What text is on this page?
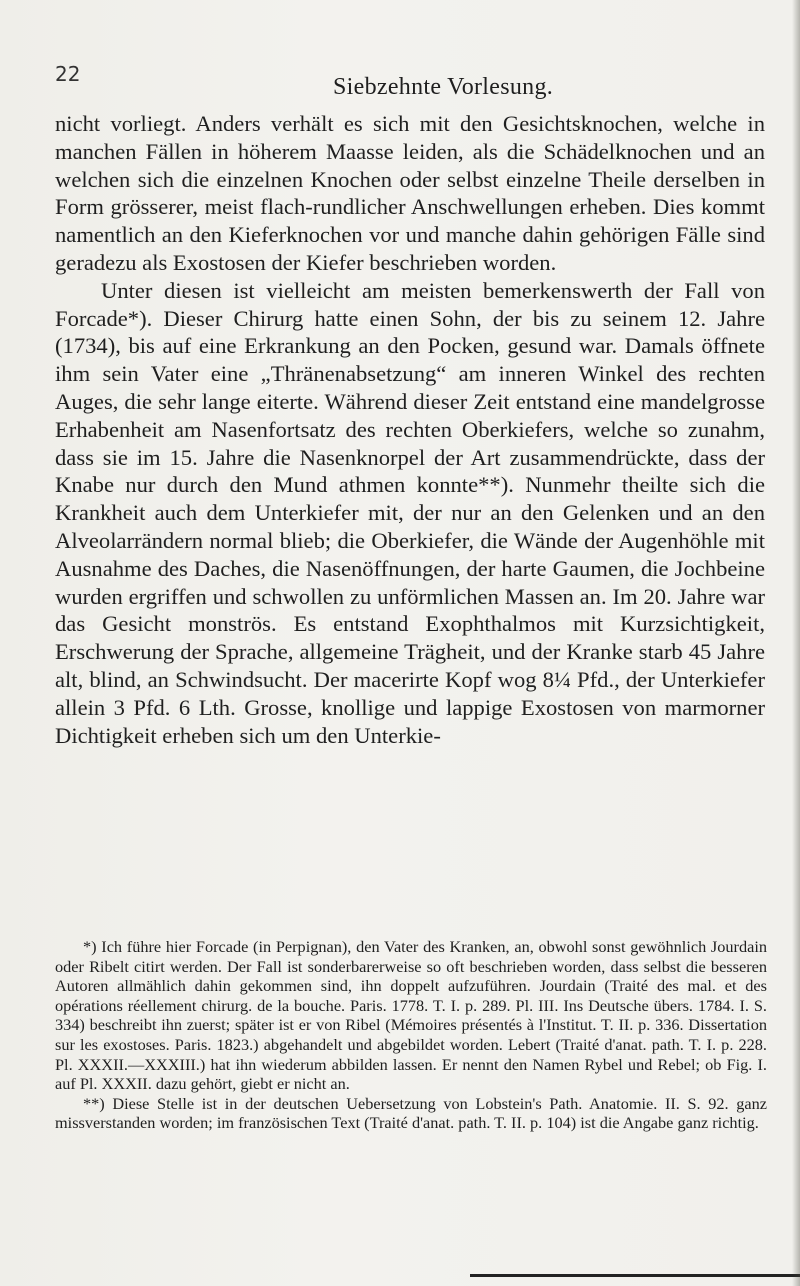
22	Siebzehnte Vorlesung.

nicht vorliegt. Anders verhält es sich mit den Gesichtsknochen, welche in manchen Fällen in höherem Maasse leiden, als die Schädelknochen und an welchen sich die einzelnen Knochen oder selbst einzelne Theile derselben in Form grösserer, meist flach-rundlicher Anschwellungen erheben. Dies kommt namentlich an den Kieferknochen vor und manche dahin gehörigen Fälle sind geradezu als Exostosen der Kiefer beschrieben worden.

Unter diesen ist vielleicht am meisten bemerkenswerth der Fall von Forcade*). Dieser Chirurg hatte einen Sohn, der bis zu seinem 12. Jahre (1734), bis auf eine Erkrankung an den Pocken, gesund war. Damals öffnete ihm sein Vater eine „Thränenabsetzung“ am inneren Winkel des rechten Auges, die sehr lange eiterte. Während dieser Zeit entstand eine mandelgrosse Erhabenheit am Nasenfortsatz des rechten Oberkiefers, welche so zunahm, dass sie im 15. Jahre die Nasenknorpel der Art zusammendrückte, dass der Knabe nur durch den Mund athmen konnte**). Nunmehr theilte sich die Krankheit auch dem Unterkiefer mit, der nur an den Gelenken und an den Alveolarrändern normal blieb; die Oberkiefer, die Wände der Augenhöhle mit Ausnahme des Daches, die Nasenöffnungen, der harte Gaumen, die Jochbeine wurden ergriffen und schwollen zu unförmlichen Massen an. Im 20. Jahre war das Gesicht monströs. Es entstand Exophthalmos mit Kurzsichtigkeit, Erschwerung der Sprache, allgemeine Trägheit, und der Kranke starb 45 Jahre alt, blind, an Schwindsucht. Der macerirte Kopf wog 8¼ Pfd., der Unterkiefer allein 3 Pfd. 6 Lth. Grosse, knollige und lappige Exostosen von marmorner Dichtigkeit erheben sich um den Unterkie-

*) Ich führe hier Forcade (in Perpignan), den Vater des Kranken, an, obwohl sonst gewöhnlich Jourdain oder Ribelt citirt werden. Der Fall ist sonderbarerweise so oft beschrieben worden, dass selbst die besseren Autoren allmählich dahin gekommen sind, ihn doppelt aufzuführen. Jourdain (Traité des mal. et des opérations réellement chirurg. de la bouche. Paris. 1778. T. I. p. 289. Pl. III. Ins Deutsche übers. 1784. I. S. 334) beschreibt ihn zuerst; später ist er von Ribel (Mémoires présentés à l'Institut. T. II. p. 336. Dissertation sur les exostoses. Paris. 1823.) abgehandelt und abgebildet worden. Lebert (Traité d'anat. path. T. I. p. 228. Pl. XXXII.—XXXIII.) hat ihn wiederum abbilden lassen. Er nennt den Namen Rybel und Rebel; ob Fig. I. auf Pl. XXXII. dazu gehört, giebt er nicht an.

**) Diese Stelle ist in der deutschen Uebersetzung von Lobstein's Path. Anatomie. II. S. 92. ganz missverstanden worden; im französischen Text (Traité d'anat. path. T. II. p. 104) ist die Angabe ganz richtig.
